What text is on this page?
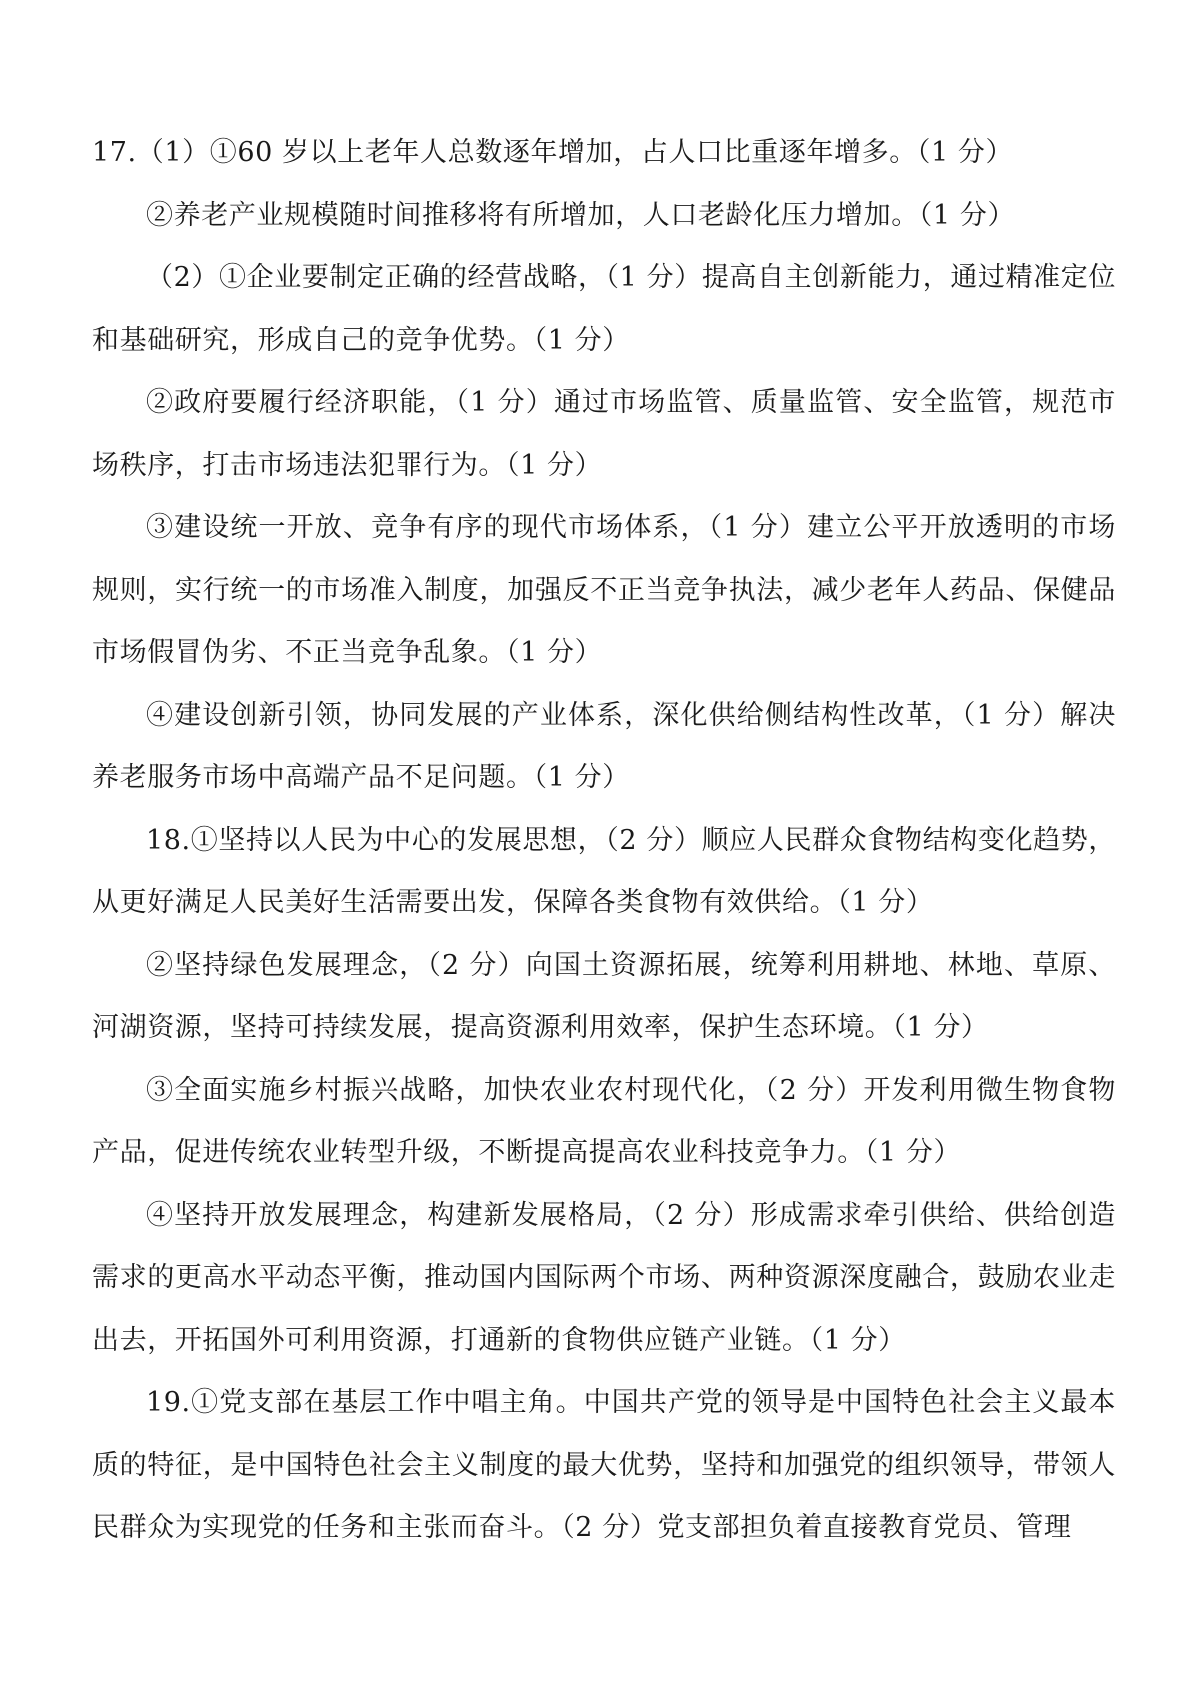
17.（1）①60 岁以上老年人总数逐年增加，占人口比重逐年增多。（1 分）

②养老产业规模随时间推移将有所增加，人口老龄化压力增加。（1 分）

（2）①企业要制定正确的经营战略，（1 分）提高自主创新能力，通过精准定位和基础研究，形成自己的竞争优势。（1 分）

②政府要履行经济职能，（1 分）通过市场监管、质量监管、安全监管，规范市场秩序，打击市场违法犯罪行为。（1 分）

③建设统一开放、竞争有序的现代市场体系，（1 分）建立公平开放透明的市场规则，实行统一的市场准入制度，加强反不正当竞争执法，减少老年人药品、保健品市场假冒伪劣、不正当竞争乱象。（1 分）

④建设创新引领，协同发展的产业体系，深化供给侧结构性改革，（1 分）解决养老服务市场中高端产品不足问题。（1 分）

18.①坚持以人民为中心的发展思想，（2 分）顺应人民群众食物结构变化趋势，从更好满足人民美好生活需要出发，保障各类食物有效供给。（1 分）

②坚持绿色发展理念，（2 分）向国土资源拓展，统筹利用耕地、林地、草原、河湖资源，坚持可持续发展，提高资源利用效率，保护生态环境。（1 分）

③全面实施乡村振兴战略，加快农业农村现代化，（2 分）开发利用微生物食物产品，促进传统农业转型升级，不断提高提高农业科技竞争力。（1 分）

④坚持开放发展理念，构建新发展格局，（2 分）形成需求牵引供给、供给创造需求的更高水平动态平衡，推动国内国际两个市场、两种资源深度融合，鼓励农业走出去，开拓国外可利用资源，打通新的食物供应链产业链。（1 分）

19.①党支部在基层工作中唱主角。中国共产党的领导是中国特色社会主义最本质的特征，是中国特色社会主义制度的最大优势，坚持和加强党的组织领导，带领人民群众为实现党的任务和主张而奋斗。（2 分）党支部担负着直接教育党员、管理
